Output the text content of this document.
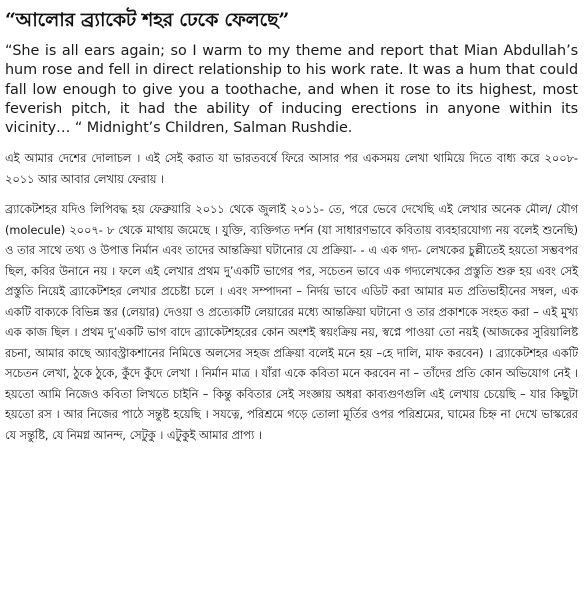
“আলোর ব্র্যাকেট শহর ঢেকে ফেলছে”

“She is all ears again; so I warm to my theme and report that Mian Abdullah’s hum rose and fell in direct relationship to his work rate. It was a hum that could fall low enough to give you a toothache, and when it rose to its highest, most feverish pitch, it had the ability of inducing erections in anyone within its vicinity… “ Midnight’s Children, Salman Rushdie.

এই আমার দেশের দোলাচল । এই সেই করাত যা ভারতবর্ষে ফিরে আসার পর একসময় লেখা থামিয়ে দিতে বাধ্য করে ২০০৮- ২০১১ আর আবার লেখায় ফেরায় ।

ব্র্যাকেটশহর যদিও লিপিবদ্ধ হয় ফেব্রুয়ারি ২০১১ থেকে জুলাই ২০১১- তে, পরে ভেবে দেখেছি এই লেখার অনেক মৌল/ যৌগ (molecule) ২০০৭- ৮ থেকে মাথায় জমেছে । যুক্তি, ব্যক্তিগত দর্শন (যা সাধারণভাবে কবিতায় ব্যবহারযোগ্য নয় বলেই শুনেছি) ও তার সাথে তথ্য ও উপাত্ত নির্মান এবং তাদের আন্তক্রিয়া ঘটানোর যে প্রক্রিয়া- - এ এক গদ্য- লেখকের চুল্লীতেই হয়তো সম্ভবপর ছিল, কবির উনানে নয় । ফলে এই লেখার প্রথম দু’একটি ভাগের পর, সচেতন ভাবে এক গদ্যলেখকের প্রস্তুতি শুরু হয় এবং সেই প্রস্তুতি নিয়েই ব্র্যাকেটশহর লেখার প্রচেষ্টা চলে । এবং সম্পাদনা – নির্দয় ভাবে এডিট করা আমার মত প্রতিভাহীনের সম্বল, এক একটি বাক্যকে বিভিন্ন স্তর (লেয়ার) দেওয়া ও প্রত্যেকটি লেয়ারের মধ্যে আন্তক্রিয়া ঘটানো ও তার প্রকাশকে সংহত করা – এই মুখ্য এক কাজ ছিল । প্রথম দু’একটি ভাগ বাদে ব্র্যাকেটশহরের কোন অংশই স্বয়ংক্রিয় নয়, স্বপ্নে পাওয়া তো নয়ই (আজকের সুরিয়ালিষ্ট রচনা, আমার কাছে অ্যাবস্ট্রাকশানের নিমিত্তে অলসের সহজ প্রক্রিয়া বলেই মনে হয় –হে দালি, মাফ করবেন) । ব্র্যাকেটশহর একটি সচেতন লেখা, ঠুকে ঠুকে, কুঁদে কুঁদে লেখা । নির্মান মাত্র । যাঁরা একে কবিতা মনে করবেন না – তাঁদের প্রতি কোন অভিযোগ নেই । হয়তো আমি নিজেও কবিতা লিখতে চাইনি – কিন্তু কবিতার সেই সংজ্ঞায় অধরা কাব্যগুণগুলি এই লেখায় চেয়েছি – যার কিছুটা হয়তো রস । আর নিজের পাঠে সন্তুষ্ট হয়েছি । সযত্নে, পরিশ্রমে গড়ে তোলা মূর্তির ওপর পরিশ্রমের, ঘামের চিহ্ন না দেখে ভাস্করের যে সন্তুষ্টি, যে নিমগ্ন আনন্দ, সেটুকু । এটুকুই আমার প্রাপ্য ।
